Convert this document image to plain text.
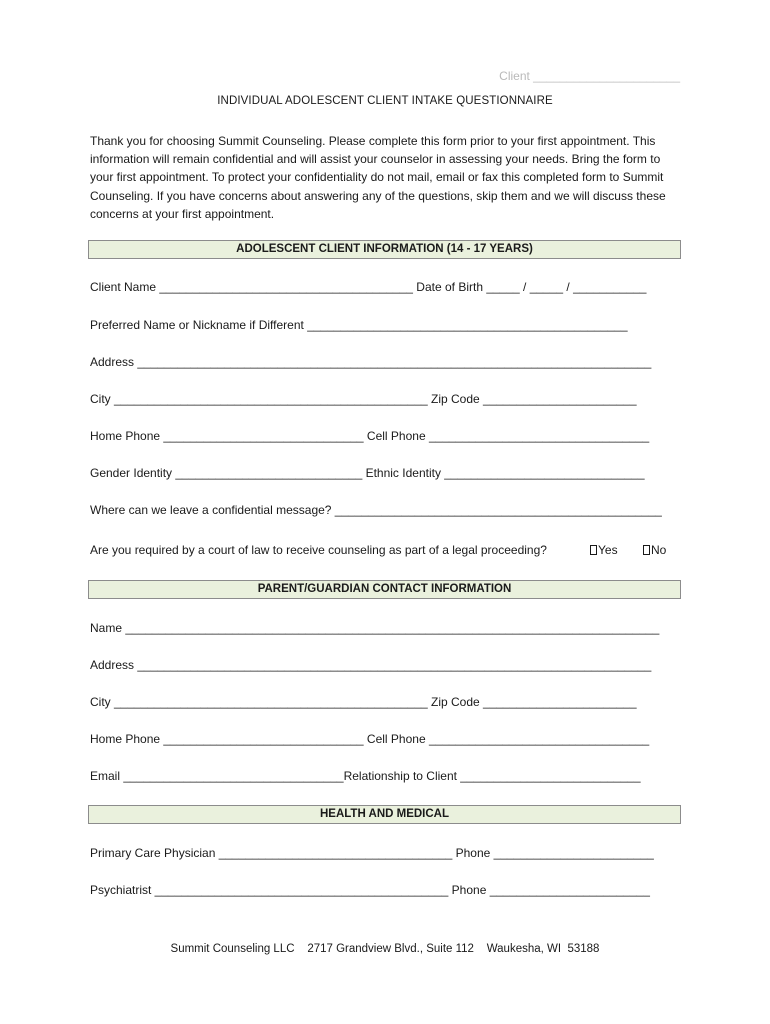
Client ______________________
INDIVIDUAL ADOLESCENT CLIENT INTAKE QUESTIONNAIRE
Thank you for choosing Summit Counseling. Please complete this form prior to your first appointment. This information will remain confidential and will assist your counselor in assessing your needs. Bring the form to your first appointment. To protect your confidentiality do not mail, email or fax this completed form to Summit Counseling. If you have concerns about answering any of the questions, skip them and we will discuss these concerns at your first appointment.
ADOLESCENT CLIENT INFORMATION (14 - 17 YEARS)
Client Name ______________________________________ Date of Birth _____ / _____ / ___________
Preferred Name or Nickname if Different ________________________________________________
Address _____________________________________________________________________________
City _______________________________________________ Zip Code _______________________
Home Phone ______________________________ Cell Phone _________________________________
Gender Identity ____________________________ Ethnic Identity ______________________________
Where can we leave a confidential message? _________________________________________________
Are you required by a court of law to receive counseling as part of a legal proceeding?	Yes	No
PARENT/GUARDIAN CONTACT INFORMATION
Name ________________________________________________________________________________
Address _____________________________________________________________________________
City _______________________________________________ Zip Code _______________________
Home Phone ______________________________ Cell Phone _________________________________
Email _________________________________Relationship to Client ___________________________
HEALTH AND MEDICAL
Primary Care Physician ___________________________________ Phone ________________________
Psychiatrist ____________________________________________ Phone ________________________
Summit Counseling LLC    2717 Grandview Blvd., Suite 112    Waukesha, WI  53188
